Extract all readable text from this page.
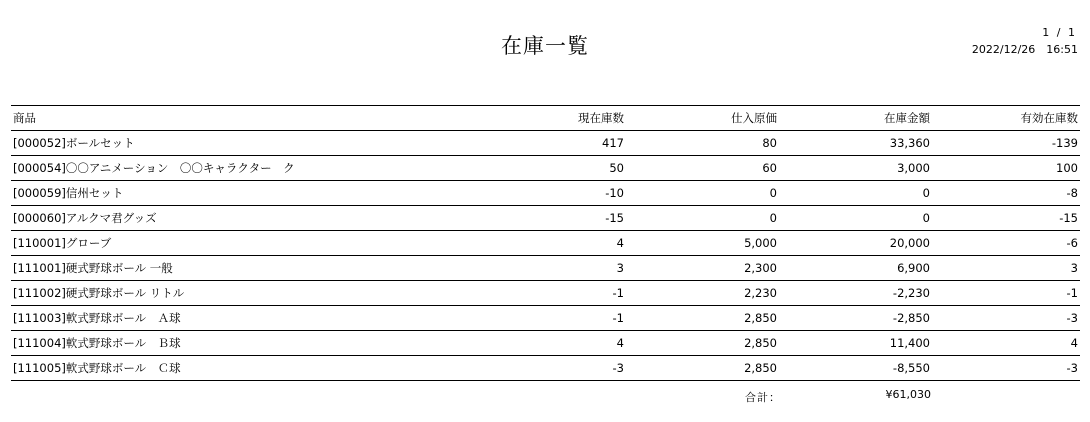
在庫一覧
1 / 1
2022/12/26　16:51
商品	現在庫数	仕入原価	在庫金額	有効在庫数
[000052]ボールセット	417	80	33,360	-139
[000054]〇〇アニメーション　〇〇キャラクター　ク	50	60	3,000	100
[000059]信州セット	-10	0	0	-8
[000060]アルクマ君グッズ	-15	0	0	-15
[110001]グローブ	4	5,000	20,000	-6
[111001]硬式野球ボール 一般	3	2,300	6,900	3
[111002]硬式野球ボール リトル	-1	2,230	-2,230	-1
[111003]軟式野球ボール　Ａ球	-1	2,850	-2,850	-3
[111004]軟式野球ボール　Ｂ球	4	2,850	11,400	4
[111005]軟式野球ボール　Ｃ球	-3	2,850	-8,550	-3
合計：	¥61,030
